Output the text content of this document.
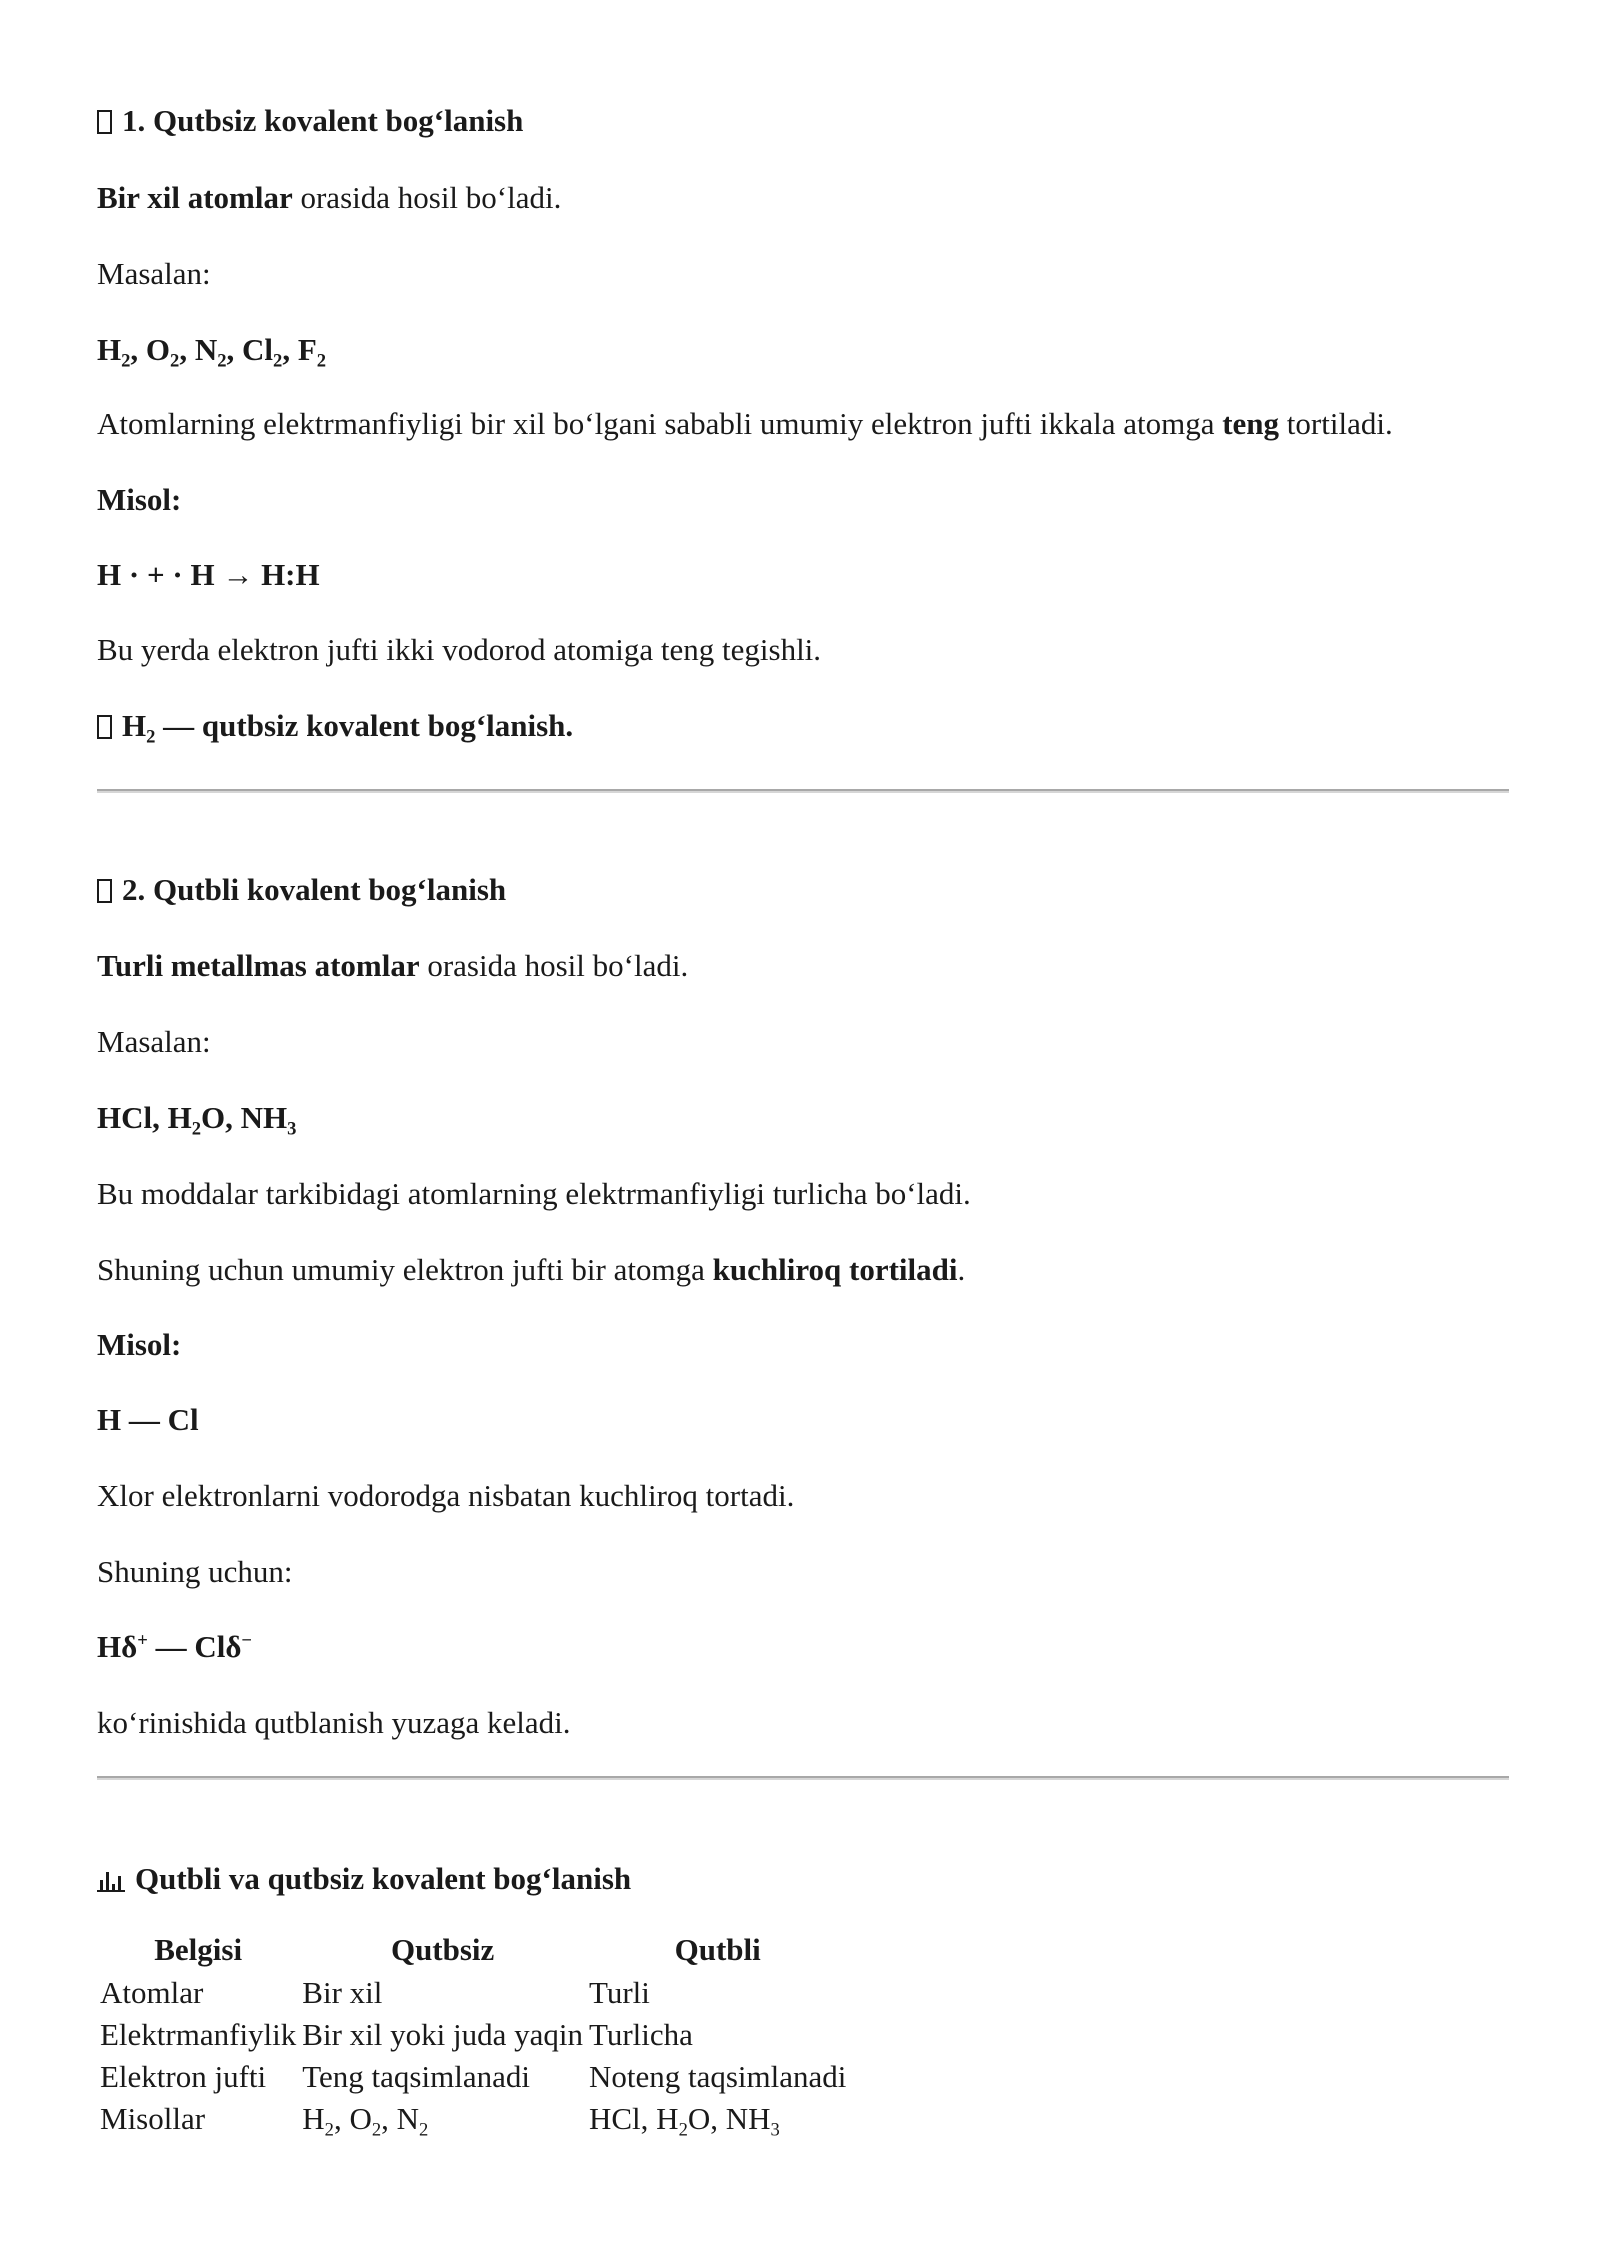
1. Qutbsiz kovalent bog‘lanish

Bir xil atomlar orasida hosil bo‘ladi.

Masalan:

$H_2$, $O_2$, $N_2$, $Cl_2$, $F_2$

Atomlarning elektrmanfiyligi bir xil bo‘lgani sababli umumiy elektron jufti ikkala atomga teng tortiladi.

Misol:

H · + · H → H:H

Bu yerda elektron jufti ikki vodorod atomiga teng tegishli.

$H_2$ — qutbsiz kovalent bog‘lanish.

2. Qutbli kovalent bog‘lanish

Turli metallmas atomlar orasida hosil bo‘ladi.

Masalan:

HCl, $H_2O$, $NH_3$

Bu moddalar tarkibidagi atomlarning elektrmanfiyligi turlicha bo‘ladi.

Shuning uchun umumiy elektron jufti bir atomga kuchliroq tortiladi.

Misol:

H — Cl

Xlor elektronlarni vodorodga nisbatan kuchliroq tortadi.

Shuning uchun:

Hδ+ — Clδ−

ko‘rinishida qutblanish yuzaga keladi.

Qutbli va qutbsiz kovalent bog‘lanish

Belgisi	Qutbsiz	Qutbli
Atomlar	Bir xil	Turli
Elektrmanfiylik	Bir xil yoki juda yaqin	Turlicha
Elektron jufti	Teng taqsimlanadi	Noteng taqsimlanadi
Misollar	$H_2$, $O_2$, $N_2$	HCl, $H_2O$, $NH_3$
